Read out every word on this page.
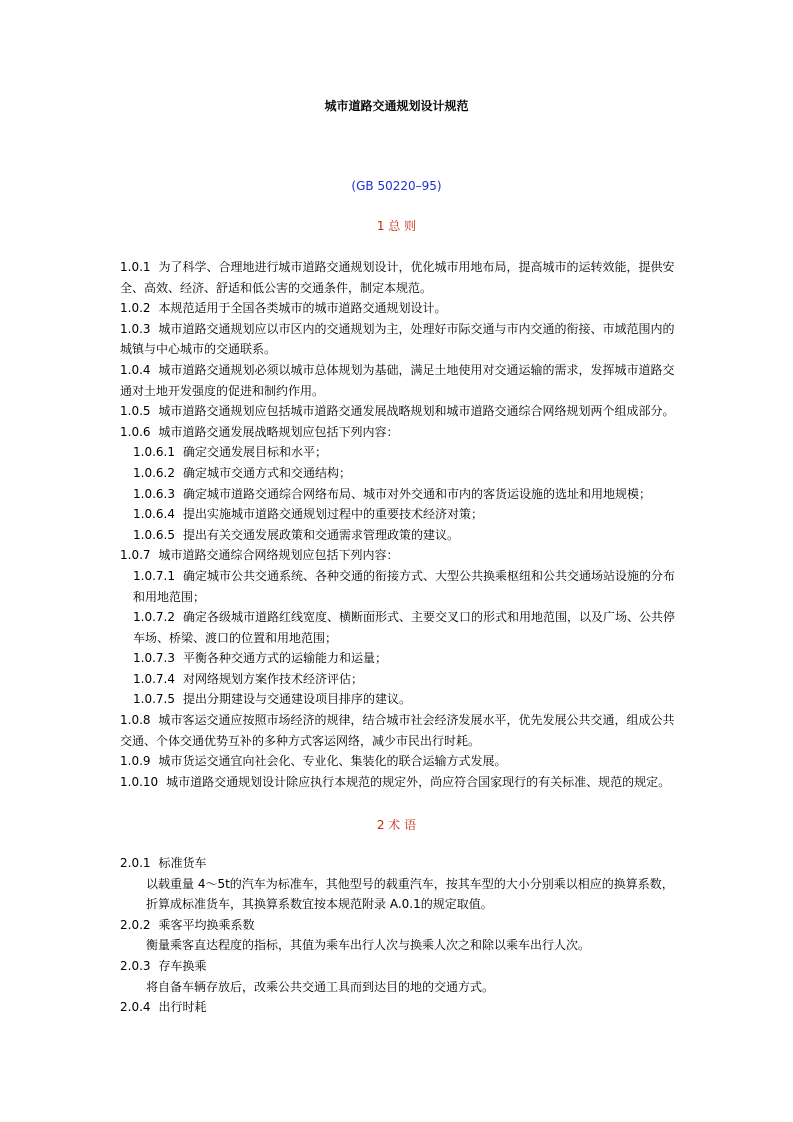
城市道路交通规划设计规范
(GB 50220–95)
1 总 则

1.0.1 为了科学、合理地进行城市道路交通规划设计，优化城市用地布局，提高城市的运转效能，提供安全、高效、经济、舒适和低公害的交通条件，制定本规范。

1.0.2 本规范适用于全国各类城市的城市道路交通规划设计。

1.0.3 城市道路交通规划应以市区内的交通规划为主，处理好市际交通与市内交通的衔接、市域范围内的城镇与中心城市的交通联系。

1.0.4 城市道路交通规划必须以城市总体规划为基础，满足土地使用对交通运输的需求，发挥城市道路交通对土地开发强度的促进和制约作用。

1.0.5 城市道路交通规划应包括城市道路交通发展战略规划和城市道路交通综合网络规划两个组成部分。

1.0.6 城市道路交通发展战略规划应包括下列内容：

1.0.6.1 确定交通发展目标和水平；

1.0.6.2 确定城市交通方式和交通结构；

1.0.6.3 确定城市道路交通综合网络布局、城市对外交通和市内的客货运设施的选址和用地规模；

1.0.6.4 提出实施城市道路交通规划过程中的重要技术经济对策；

1.0.6.5 提出有关交通发展政策和交通需求管理政策的建议。

1.0.7 城市道路交通综合网络规划应包括下列内容：

1.0.7.1 确定城市公共交通系统、各种交通的衔接方式、大型公共换乘枢纽和公共交通场站设施的分布和用地范围；

1.0.7.2 确定各级城市道路红线宽度、横断面形式、主要交叉口的形式和用地范围，以及广场、公共停车场、桥梁、渡口的位置和用地范围；

1.0.7.3 平衡各种交通方式的运输能力和运量；

1.0.7.4 对网络规划方案作技术经济评估；

1.0.7.5 提出分期建设与交通建设项目排序的建议。

1.0.8 城市客运交通应按照市场经济的规律，结合城市社会经济发展水平，优先发展公共交通，组成公共交通、个体交通优势互补的多种方式客运网络，减少市民出行时耗。

1.0.9 城市货运交通宜向社会化、专业化、集装化的联合运输方式发展。

1.0.10 城市道路交通规划设计除应执行本规范的规定外，尚应符合国家现行的有关标准、规范的规定。

2 术 语

2.0.1 标准货车

以载重量 4～5t的汽车为标准车，其他型号的载重汽车，按其车型的大小分别乘以相应的换算系数，折算成标准货车，其换算系数宜按本规范附录 A.0.1的规定取值。

2.0.2 乘客平均换乘系数

衡量乘客直达程度的指标，其值为乘车出行人次与换乘人次之和除以乘车出行人次。

2.0.3 存车换乘

将自备车辆存放后，改乘公共交通工具而到达目的地的交通方式。

2.0.4 出行时耗
